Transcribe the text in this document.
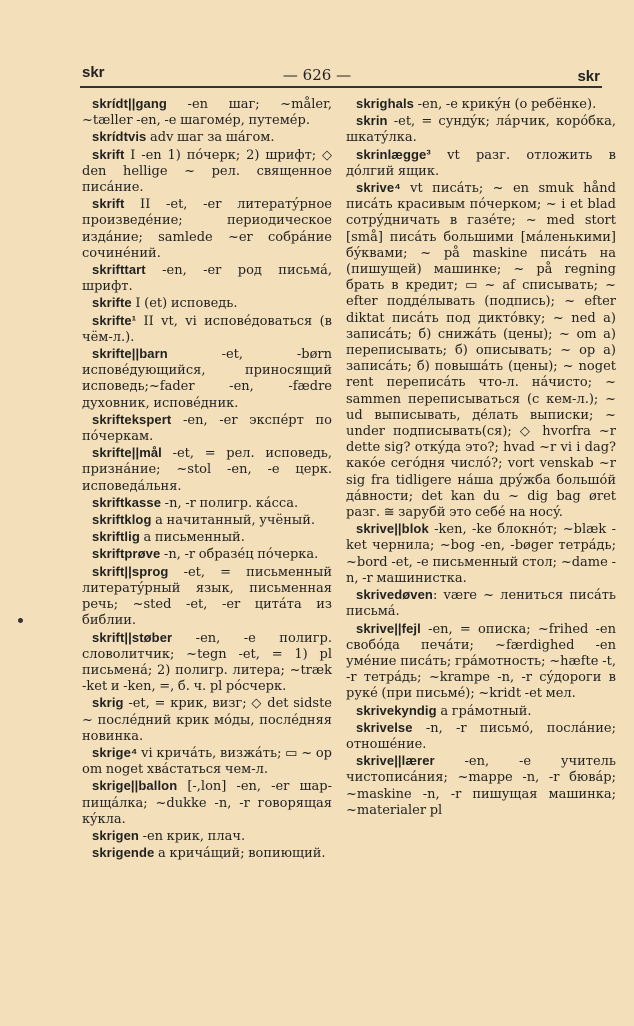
skr	— 626 —	skr

skrídt||gang -en шаг; ~måler, ~tæller -en, -e шагомéр, путемéр.

skrídtvis adv шаг за шáгом.

skrift I -en 1) пóчерк; 2) шрифт; ◇ den hellige ~ рел. священное писáние.

skrift II -et, -er литератýрное произведéние; периодическое издáние; samlede ~er собрáние сочинéний.

skrifttart -en, -er род письмá, шрифт.

skrifte I (et) исповедь.

skrifte¹ II vt, vi исповéдоваться (в чём-л.).

skrifte||barn -et, -børn исповéдующийся, приносящий исповедь;~fader -en, -fædre духовник, исповéдник.

skriftekspert -en, -er экспéрт по пóчеркам.

skrifte||mål -et, = рел. исповедь, признáние; ~stol -en, -e церк. исповедáльня.

skriftkasse -n, -r полигр. кáсса.

skriftklog a начитанный, учёный.

skriftlig a письменный.

skriftprøve -n, -r образéц пóчерка.

skrift||sprog -et, = письменный литератýрный язык, письменная речь; ~sted -et, -er цитáта из библии.

skrift||støber -en, -e полигр. словолитчик; ~tegn -et, = 1) pl письменá; 2) полигр. литера; ~træk -ket и -ken, =, б. ч. pl рóсчерк.

skrig -et, = крик, визг; ◇ det sidste ~ послéдний крик мóды, послéдняя новинка.

skrige⁴ vi кричáть, визжáть; ▭ ~ op om noget хвáстаться чем-л.

skrige||ballon [-,lon] -en, -er шар-пищáлка; ~dukke -n, -r говорящая кýкла.

skrigen -en крик, плач.

skrigende a кричáщий; вопиющий.

skrighals -en, -e крикýн (о ребёнке).

skrin -et, = сундýк; лáрчик, корóбка, шкатýлка.

skrinlægge³ vt разг. отложить в дóлгий ящик.

skrive⁴ vt писáть; ~ en smuk hånd писáть красивым пóчерком; ~ i et blad сотрýдничать в газéте; ~ med stort [små] писáть большими [мáленькими] бýквами; ~ på maskine писáть на (пишущей) машинке; ~ på regning брать в кредит; ▭ ~ af списывать; ~ efter поддéлывать (подпись); ~ efter diktat писáть под диктóвку; ~ ned а) записáть; б) снижáть (цены); ~ om а) переписывать; б) описывать; ~ op а) записáть; б) повышáть (цены); ~ noget rent переписáть что-л. нáчисто; ~ sammen переписываться (с кем-л.); ~ ud выписывать, дéлать выписки; ~ under подписывать(ся); ◇ hvorfra ~r dette sig? откýда это?; hvad ~r vi i dag? какóе сегóдня числó?; vort venskab ~r sig fra tidligere нáша дрýжба большóй дáвности; det kan du ~ dig bag øret разг. ≅ зарубй это себé на носý.

skrive||blok -ken, -ke блокнóт; ~blæk -ket чернила; ~bog -en, -bøger тетрáдь; ~bord -et, -e письменный стол; ~dame -n, -r машинистка.

skrivedøven: være ~ лениться писáть письмá.

skrive||fejl -en, = описка; ~frihed -en свобóда печáти; ~færdighed -en умéние писáть; грáмотность; ~hæfte -t, -r тетрáдь; ~krampe -n, -r сýдороги в рукé (при письмé); ~kridt -et мел.

skrivekyndig a грáмотный.

skrivelse -n, -r письмó, послáние; отношéние.

skrive||lærer -en, -e учитель чистописáния; ~mappe -n, -r бювáр; ~maskine -n, -r пишущая машинка; ~materialer pl
